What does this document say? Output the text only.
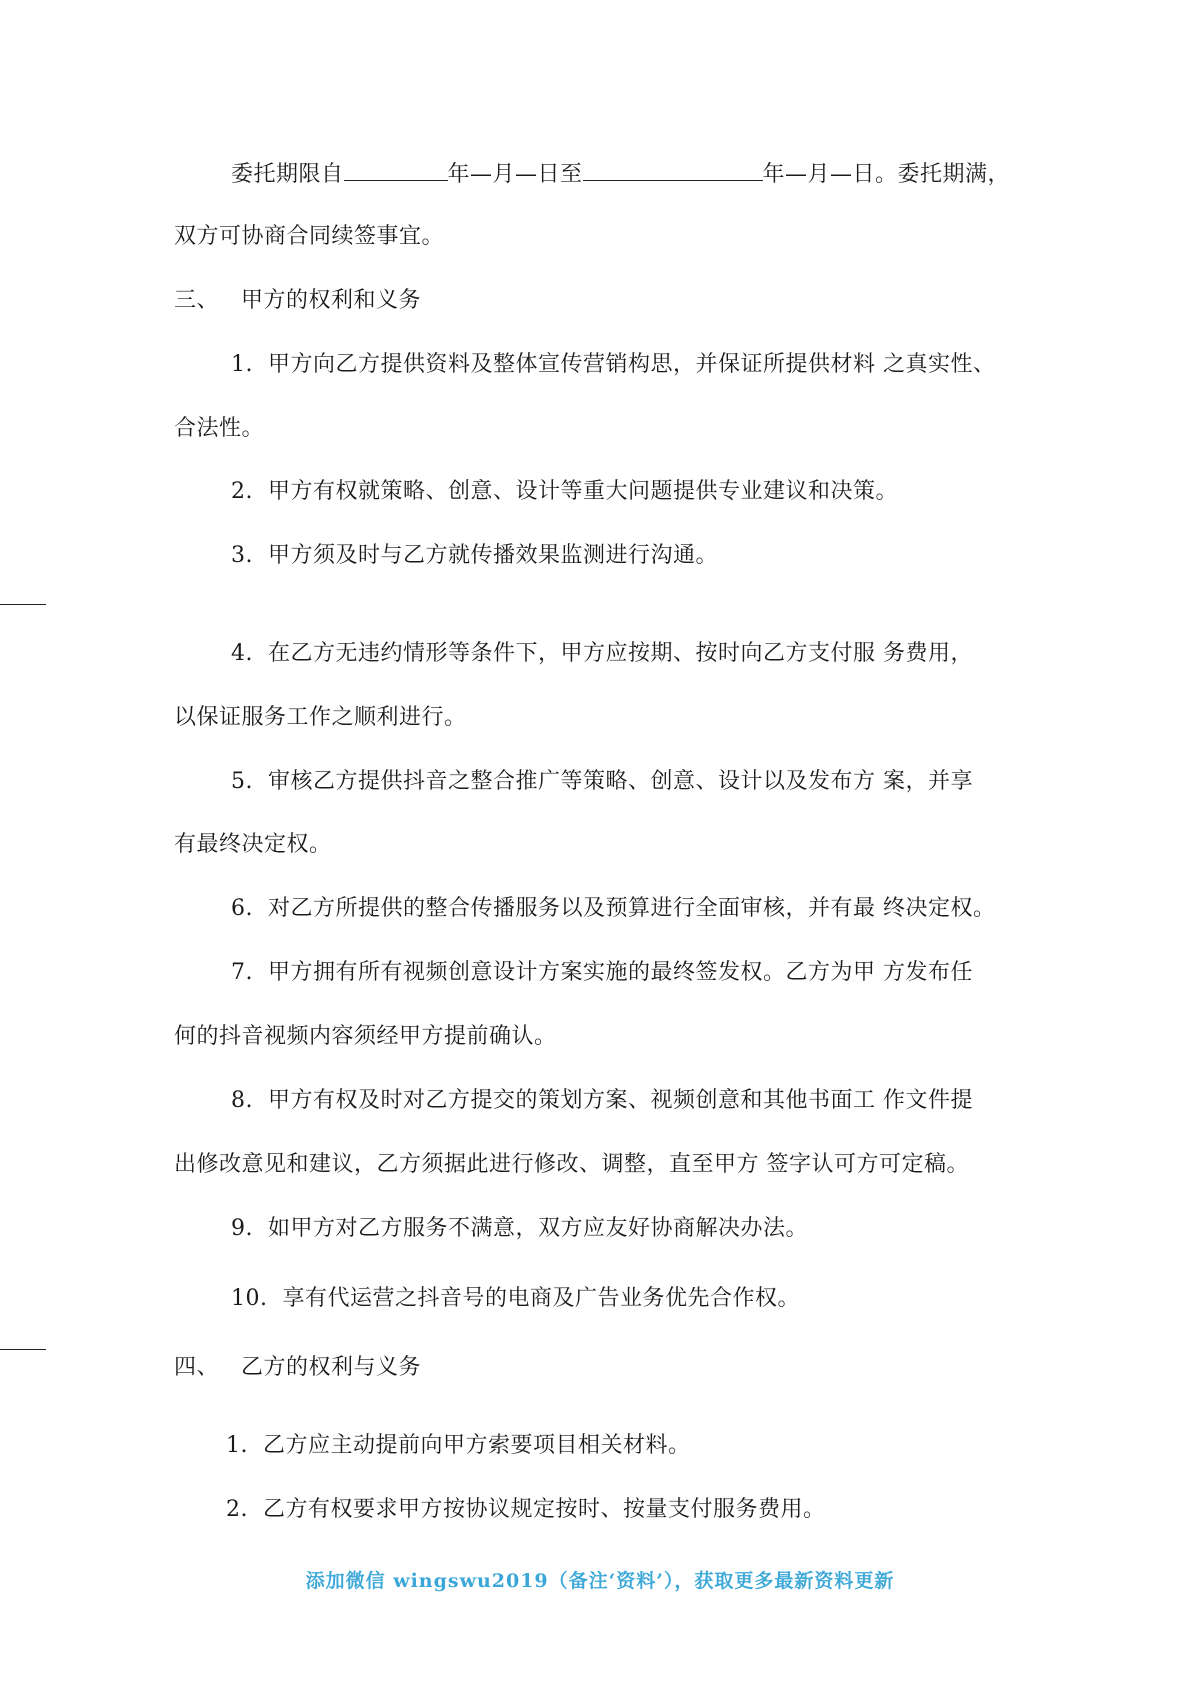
委托期限自	年—月—日至	年—月—日。委托期满，
双方可协商合同续签事宜。
三、 甲方的权利和义务
1. 甲方向乙方提供资料及整体宣传营销构思，并保证所提供材料 之真实性、
合法性。
2. 甲方有权就策略、创意、设计等重大问题提供专业建议和决策。
3. 甲方须及时与乙方就传播效果监测进行沟通。
4. 在乙方无违约情形等条件下，甲方应按期、按时向乙方支付服 务费用，
以保证服务工作之顺利进行。
5. 审核乙方提供抖音之整合推广等策略、创意、设计以及发布方 案，并享
有最终决定权。
6. 对乙方所提供的整合传播服务以及预算进行全面审核，并有最 终决定权。
7. 甲方拥有所有视频创意设计方案实施的最终签发权。乙方为甲 方发布任
何的抖音视频内容须经甲方提前确认。
8. 甲方有权及时对乙方提交的策划方案、视频创意和其他书面工 作文件提
出修改意见和建议，乙方须据此进行修改、调整，直至甲方 签字认可方可定稿。
9. 如甲方对乙方服务不满意，双方应友好协商解决办法。
10. 享有代运营之抖音号的电商及广告业务优先合作权。
四、 乙方的权利与义务
1. 乙方应主动提前向甲方索要项目相关材料。
2. 乙方有权要求甲方按协议规定按时、按量支付服务费用。
添加微信 wingswu2019（备注‘资料’），获取更多最新资料更新
